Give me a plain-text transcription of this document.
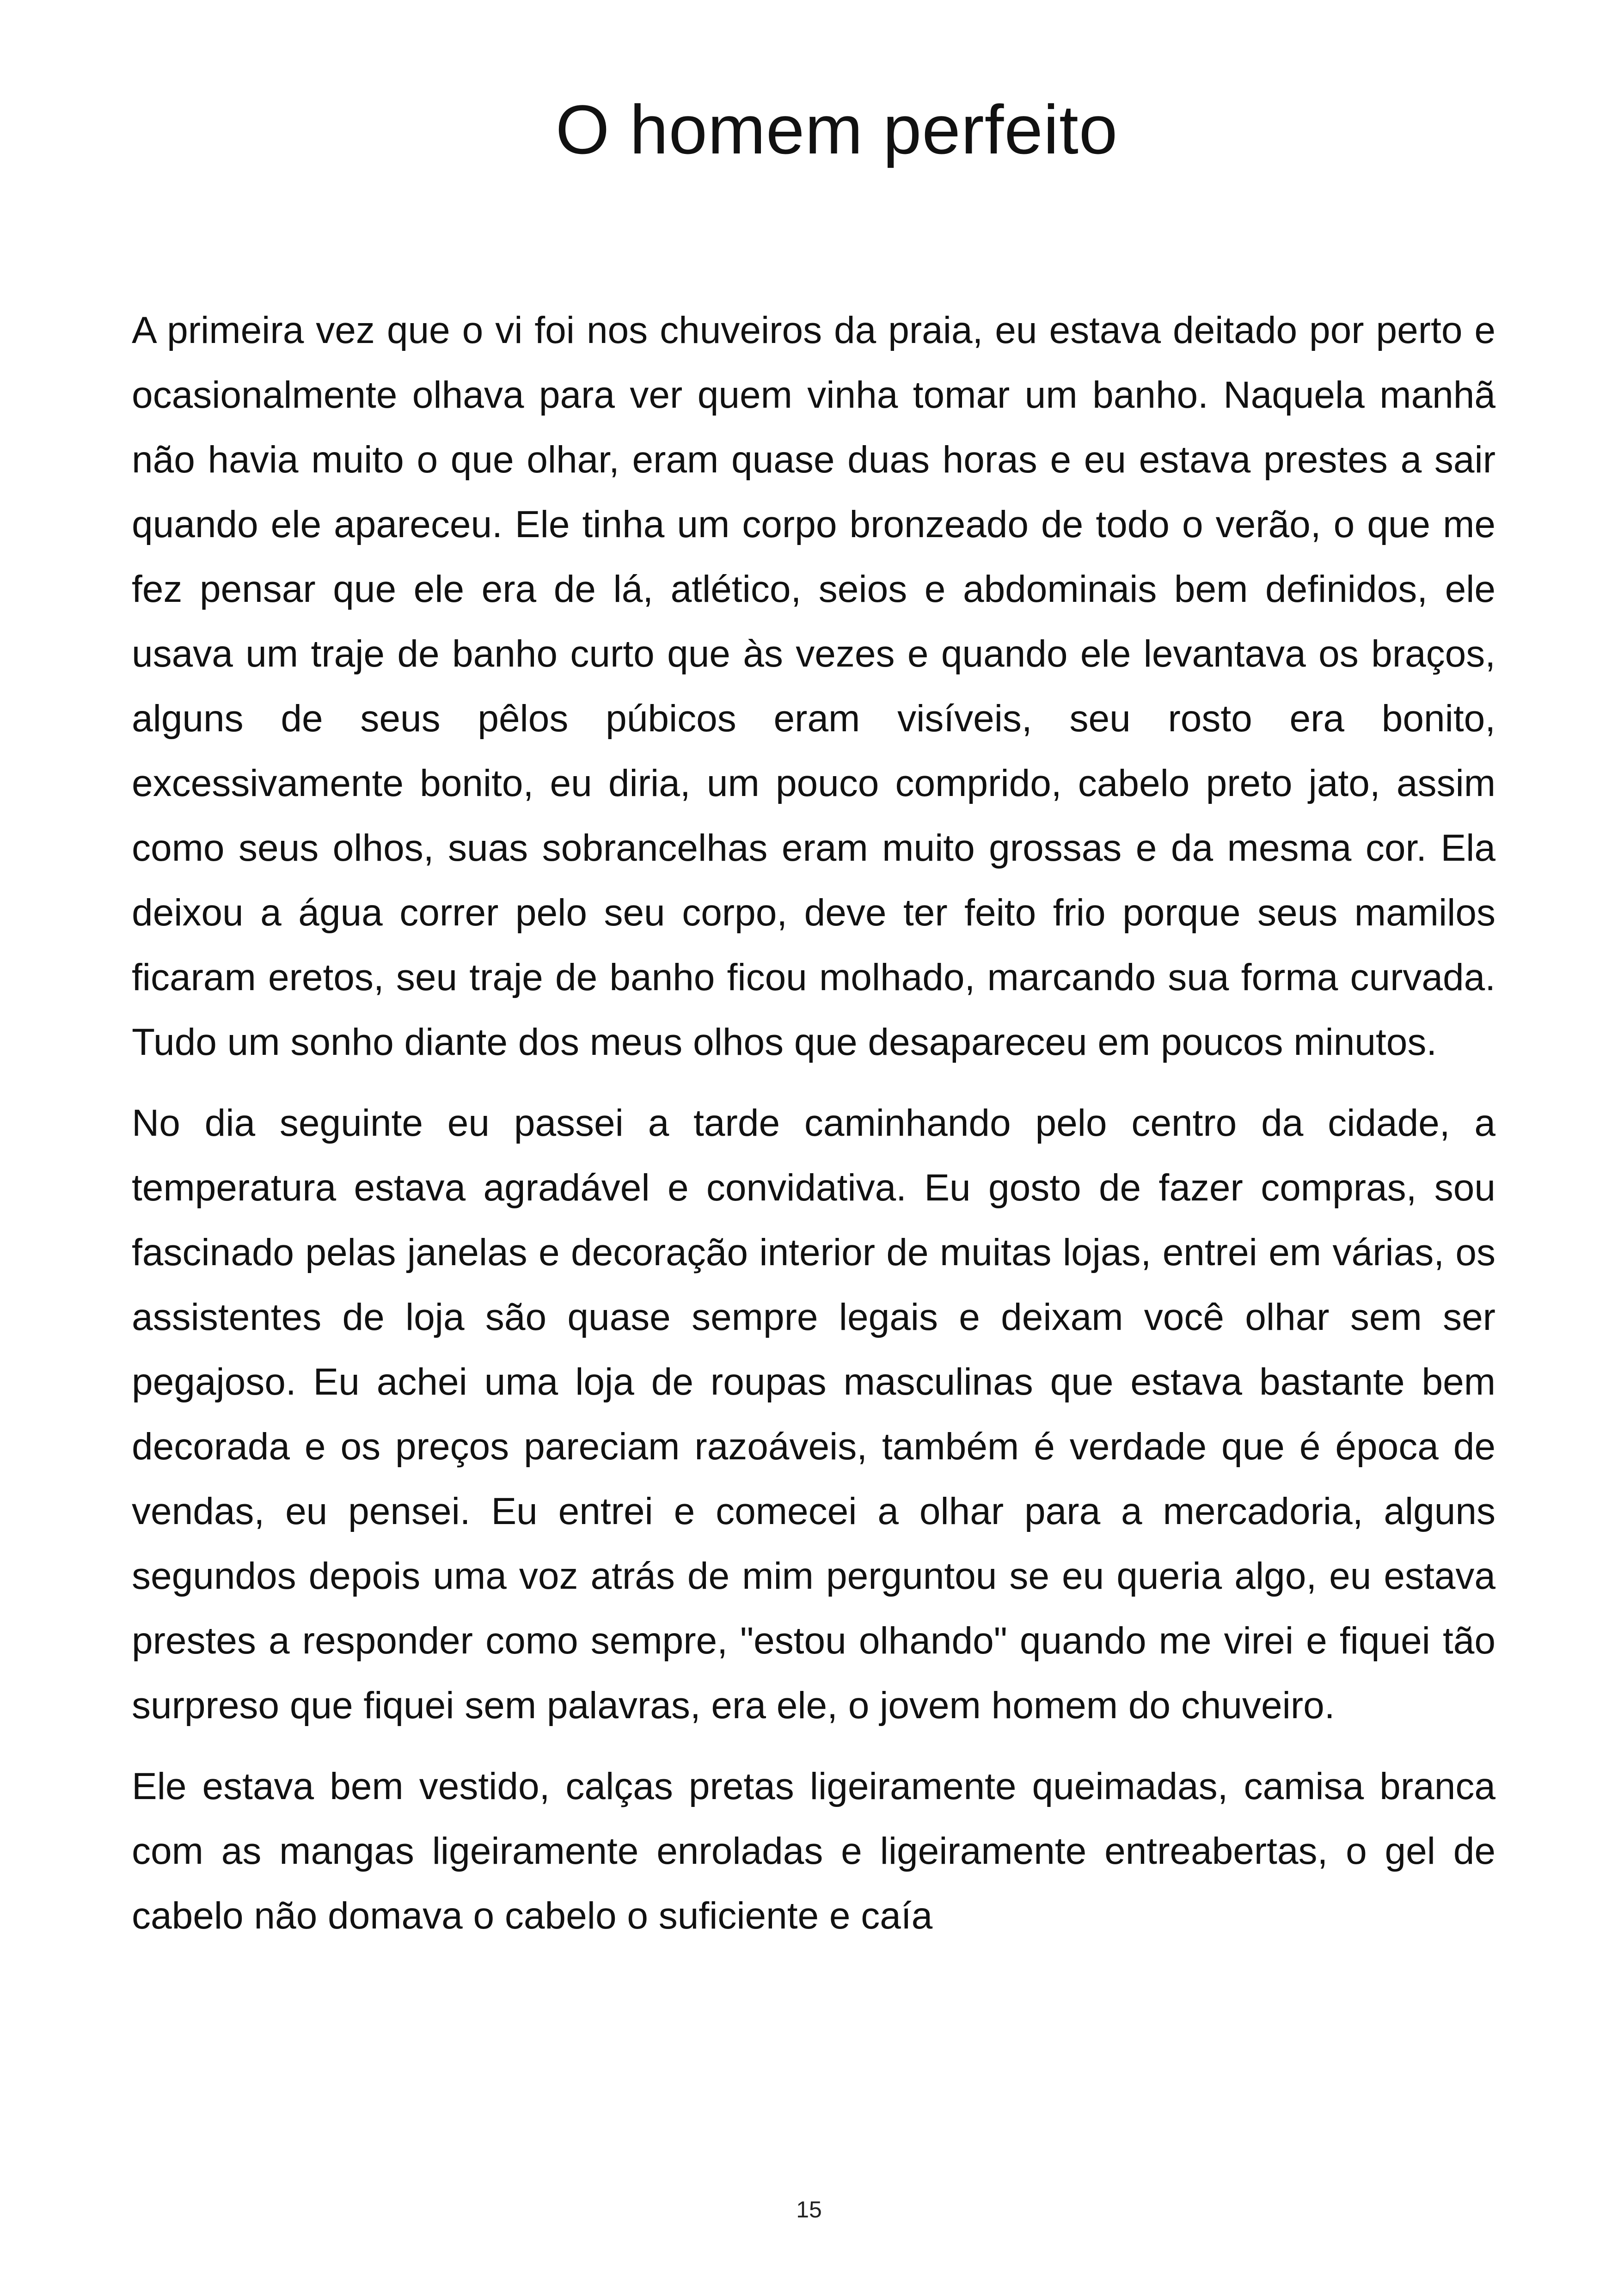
O homem perfeito

A primeira vez que o vi foi nos chuveiros da praia, eu estava deitado por perto e ocasionalmente olhava para ver quem vinha tomar um banho. Naquela manhã não havia muito o que olhar, eram quase duas horas e eu estava prestes a sair quando ele apareceu. Ele tinha um corpo bronzeado de todo o verão, o que me fez pensar que ele era de lá, atlético, seios e abdominais bem definidos, ele usava um traje de banho curto que às vezes e quando ele levantava os braços, alguns de seus pêlos púbicos eram visíveis, seu rosto era bonito, excessivamente bonito, eu diria, um pouco comprido, cabelo preto jato, assim como seus olhos, suas sobrancelhas eram muito grossas e da mesma cor. Ela deixou a água correr pelo seu corpo, deve ter feito frio porque seus mamilos ficaram eretos, seu traje de banho ficou molhado, marcando sua forma curvada. Tudo um sonho diante dos meus olhos que desapareceu em poucos minutos.

No dia seguinte eu passei a tarde caminhando pelo centro da cidade, a temperatura estava agradável e convidativa. Eu gosto de fazer compras, sou fascinado pelas janelas e decoração interior de muitas lojas, entrei em várias, os assistentes de loja são quase sempre legais e deixam você olhar sem ser pegajoso. Eu achei uma loja de roupas masculinas que estava bastante bem decorada e os preços pareciam razoáveis, também é verdade que é época de vendas, eu pensei. Eu entrei e comecei a olhar para a mercadoria, alguns segundos depois uma voz atrás de mim perguntou se eu queria algo, eu estava prestes a responder como sempre, "estou olhando" quando me virei e fiquei tão surpreso que fiquei sem palavras, era ele, o jovem homem do chuveiro.

Ele estava bem vestido, calças pretas ligeiramente queimadas, camisa branca com as mangas ligeiramente enroladas e ligeiramente entreabertas, o gel de cabelo não domava o cabelo o suficiente e caía

15
